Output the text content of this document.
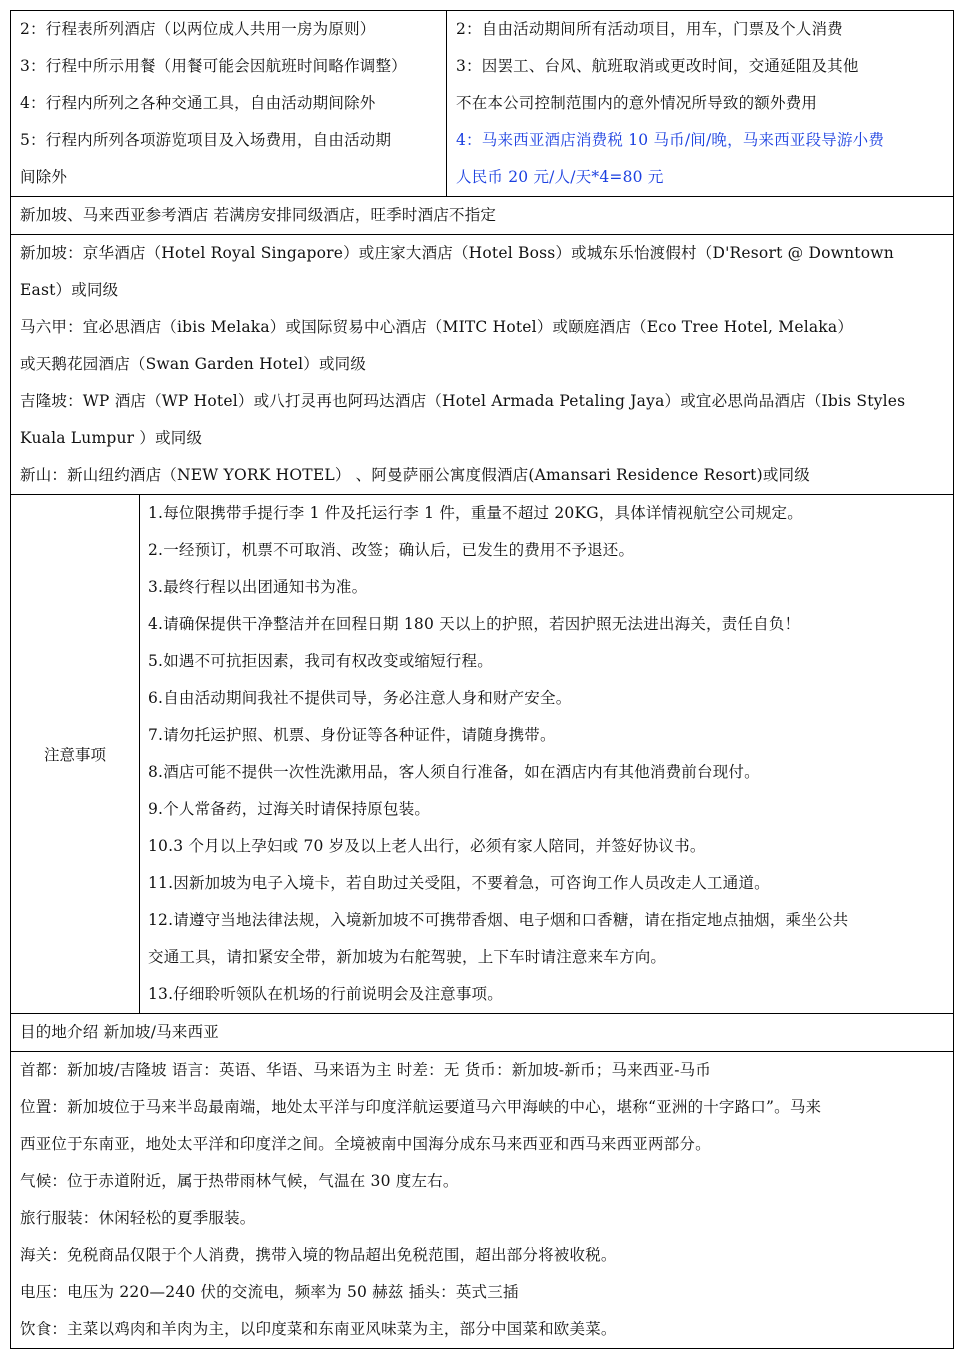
2：行程表所列酒店（以两位成人共用一房为原则）
3：行程中所示用餐（用餐可能会因航班时间略作调整）
4：行程内所列之各种交通工具，自由活动期间除外
5：行程内所列各项游览项目及入场费用，自由活动期
间除外
2：自由活动期间所有活动项目，用车，门票及个人消费
3：因罢工、台风、航班取消或更改时间，交通延阻及其他
不在本公司控制范围内的意外情况所导致的额外费用
4：马来西亚酒店消费税 10 马币/间/晚，马来西亚段导游小费
人民币 20 元/人/天*4=80 元
新加坡、马来西亚参考酒店 若满房安排同级酒店，旺季时酒店不指定
新加坡：京华酒店（Hotel Royal Singapore）或庄家大酒店（Hotel Boss）或城东乐怡渡假村（D'Resort @ Downtown
East）或同级
马六甲：宜必思酒店（ibis Melaka）或国际贸易中心酒店（MITC Hotel）或颐庭酒店（Eco Tree Hotel, Melaka）
或天鹅花园酒店（Swan Garden Hotel）或同级
吉隆坡：WP 酒店（WP Hotel）或八打灵再也阿玛达酒店（Hotel Armada Petaling Jaya）或宜必思尚品酒店（Ibis Styles
Kuala Lumpur ）或同级
新山：新山纽约酒店（NEW YORK HOTEL） 、阿曼萨丽公寓度假酒店(Amansari Residence Resort)或同级
注意事项
1.每位限携带手提行李 1 件及托运行李 1 件，重量不超过 20KG，具体详情视航空公司规定。
2.一经预订，机票不可取消、改签；确认后，已发生的费用不予退还。
3.最终行程以出团通知书为准。
4.请确保提供干净整洁并在回程日期 180 天以上的护照，若因护照无法进出海关，责任自负！
5.如遇不可抗拒因素，我司有权改变或缩短行程。
6.自由活动期间我社不提供司导，务必注意人身和财产安全。
7.请勿托运护照、机票、身份证等各种证件，请随身携带。
8.酒店可能不提供一次性洗漱用品，客人须自行准备，如在酒店内有其他消费前台现付。
9.个人常备药，过海关时请保持原包装。
10.3 个月以上孕妇或 70 岁及以上老人出行，必须有家人陪同，并签好协议书。
11.因新加坡为电子入境卡，若自助过关受阻，不要着急，可咨询工作人员改走人工通道。
12.请遵守当地法律法规，入境新加坡不可携带香烟、电子烟和口香糖，请在指定地点抽烟，乘坐公共
交通工具，请扣紧安全带，新加坡为右舵驾驶，上下车时请注意来车方向。
13.仔细聆听领队在机场的行前说明会及注意事项。
目的地介绍 新加坡/马来西亚
首都：新加坡/吉隆坡 语言：英语、华语、马来语为主 时差：无 货币：新加坡-新币；马来西亚-马币
位置：新加坡位于马来半岛最南端，地处太平洋与印度洋航运要道马六甲海峡的中心，堪称“亚洲的十字路口”。马来
西亚位于东南亚，地处太平洋和印度洋之间。全境被南中国海分成东马来西亚和西马来西亚两部分。
气候：位于赤道附近，属于热带雨林气候，气温在 30 度左右。
旅行服装：休闲轻松的夏季服装。
海关：免税商品仅限于个人消费，携带入境的物品超出免税范围，超出部分将被收税。
电压：电压为 220—240 伏的交流电，频率为 50 赫兹 插头：英式三插
饮食：主菜以鸡肉和羊肉为主，以印度菜和东南亚风味菜为主，部分中国菜和欧美菜。
